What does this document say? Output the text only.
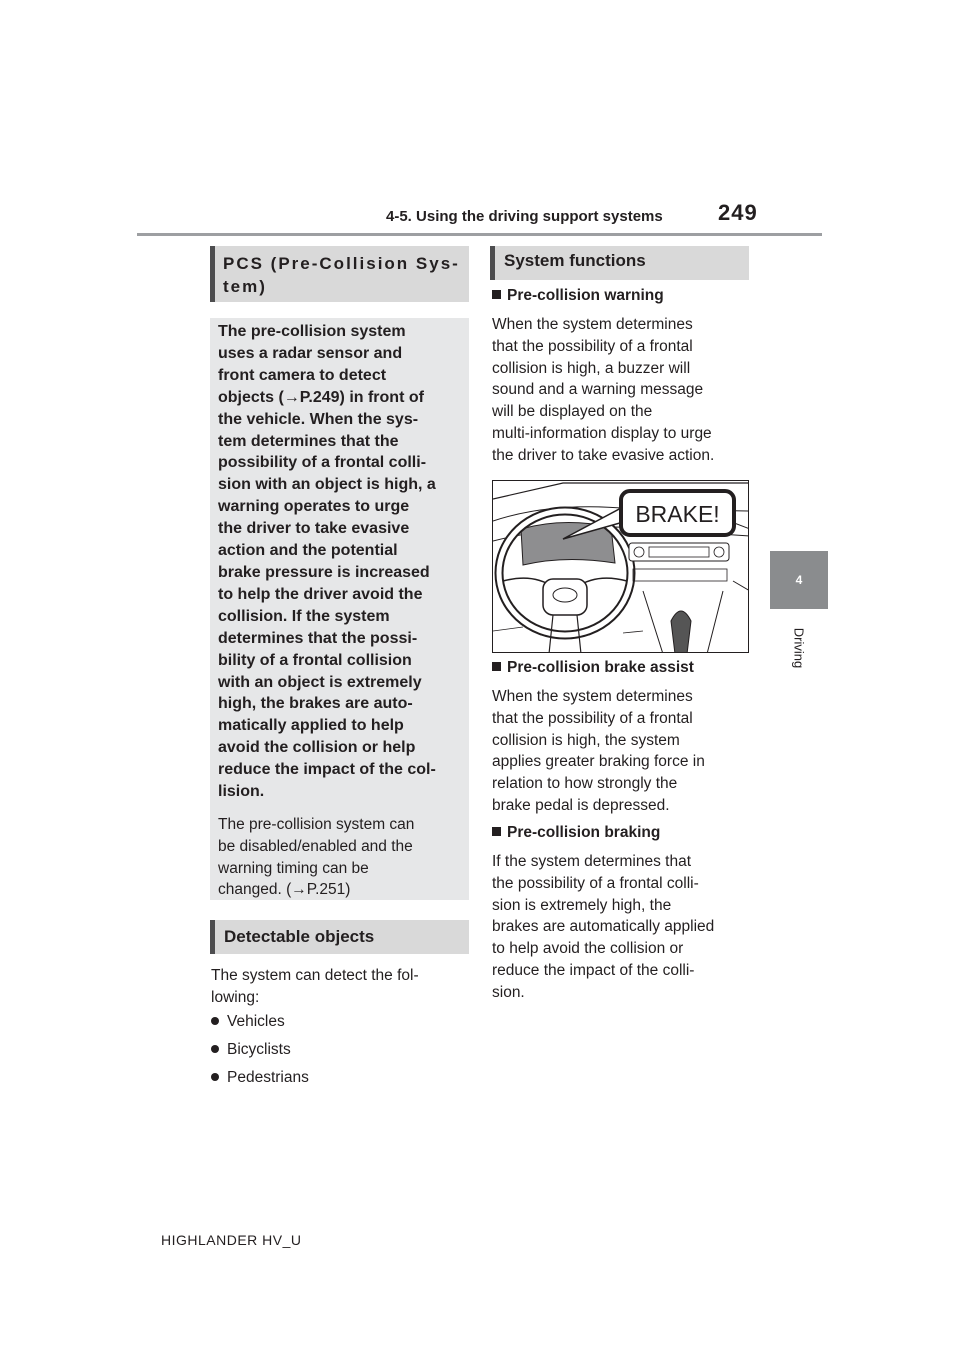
4-5. Using the driving support systems	249
4
Driving
PCS (Pre-Collision Sys-
tem)
The pre-collision system
uses a radar sensor and
front camera to detect
objects (→P.249) in front of
the vehicle. When the sys-
tem determines that the
possibility of a frontal colli-
sion with an object is high, a
warning operates to urge
the driver to take evasive
action and the potential
brake pressure is increased
to help the driver avoid the
collision. If the system
determines that the possi-
bility of a frontal collision
with an object is extremely
high, the brakes are auto-
matically applied to help
avoid the collision or help
reduce the impact of the col-
lision.
The pre-collision system can
be disabled/enabled and the
warning timing can be
changed. (→P.251)
Detectable objects
The system can detect the fol-
lowing:
Vehicles
Bicyclists
Pedestrians
System functions
Pre-collision warning
When the system determines
that the possibility of a frontal
collision is high, a buzzer will
sound and a warning message
will be displayed on the
multi-information display to urge
the driver to take evasive action.
BRAKE!
Pre-collision brake assist
When the system determines
that the possibility of a frontal
collision is high, the system
applies greater braking force in
relation to how strongly the
brake pedal is depressed.
Pre-collision braking
If the system determines that
the possibility of a frontal colli-
sion is extremely high, the
brakes are automatically applied
to help avoid the collision or
reduce the impact of the colli-
sion.
HIGHLANDER HV_U
